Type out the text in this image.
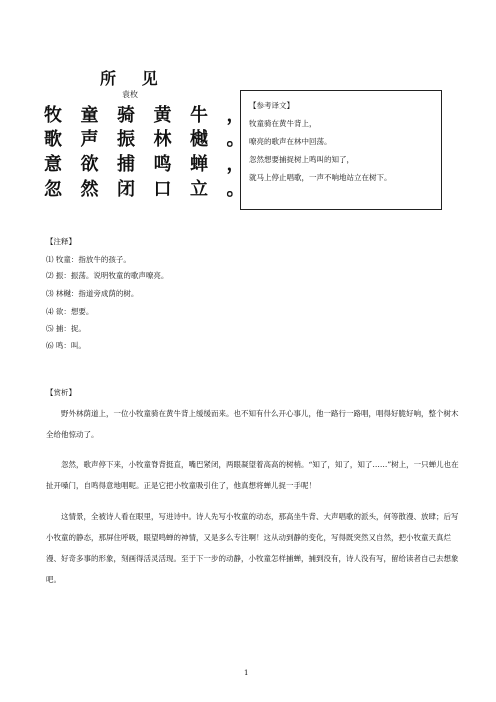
所 见
袁枚
牧童骑黄牛，
歌声振林樾。
意欲捕鸣蝉，
忽然闭口立。
【参考译文】
牧童骑在黄牛背上，
嘹亮的歌声在林中回荡。
忽然想要捕捉树上鸣叫的知了，
就马上停止唱歌，一声不响地站立在树下。
【注释】
⑴ 牧童：指放牛的孩子。
⑵ 振：振荡。说明牧童的歌声嘹亮。
⑶ 林樾：指道旁成荫的树。
⑷ 欲：想要。
⑸ 捕：捉。
⑹ 鸣：叫。
【赏析】

野外林荫道上，一位小牧童骑在黄牛背上缓缓而来。也不知有什么开心事儿，他一路行一路唱，唱得好脆好响，整个树木全给他惊动了。

忽然，歌声停下来，小牧童脊背挺直，嘴巴紧闭，两眼凝望着高高的树梢。“知了，知了，知了……”树上，一只蝉儿也在扯开嗓门，自鸣得意地唱呢。正是它把小牧童吸引住了，他真想将蝉儿捉一手呢！

这情景，全被诗人看在眼里，写进诗中。诗人先写小牧童的动态，那高坐牛背、大声唱歌的派头，何等散漫、放肆；后写小牧童的静态，那屏住呼吸，眼望鸣蝉的神情，又是多么专注啊！这从动到静的变化，写得既突然又自然，把小牧童天真烂漫、好奇多事的形象，刻画得活灵活现。至于下一步的动静，小牧童怎样捕蝉，捕到没有，诗人没有写，留给读者自己去想象吧。

1
